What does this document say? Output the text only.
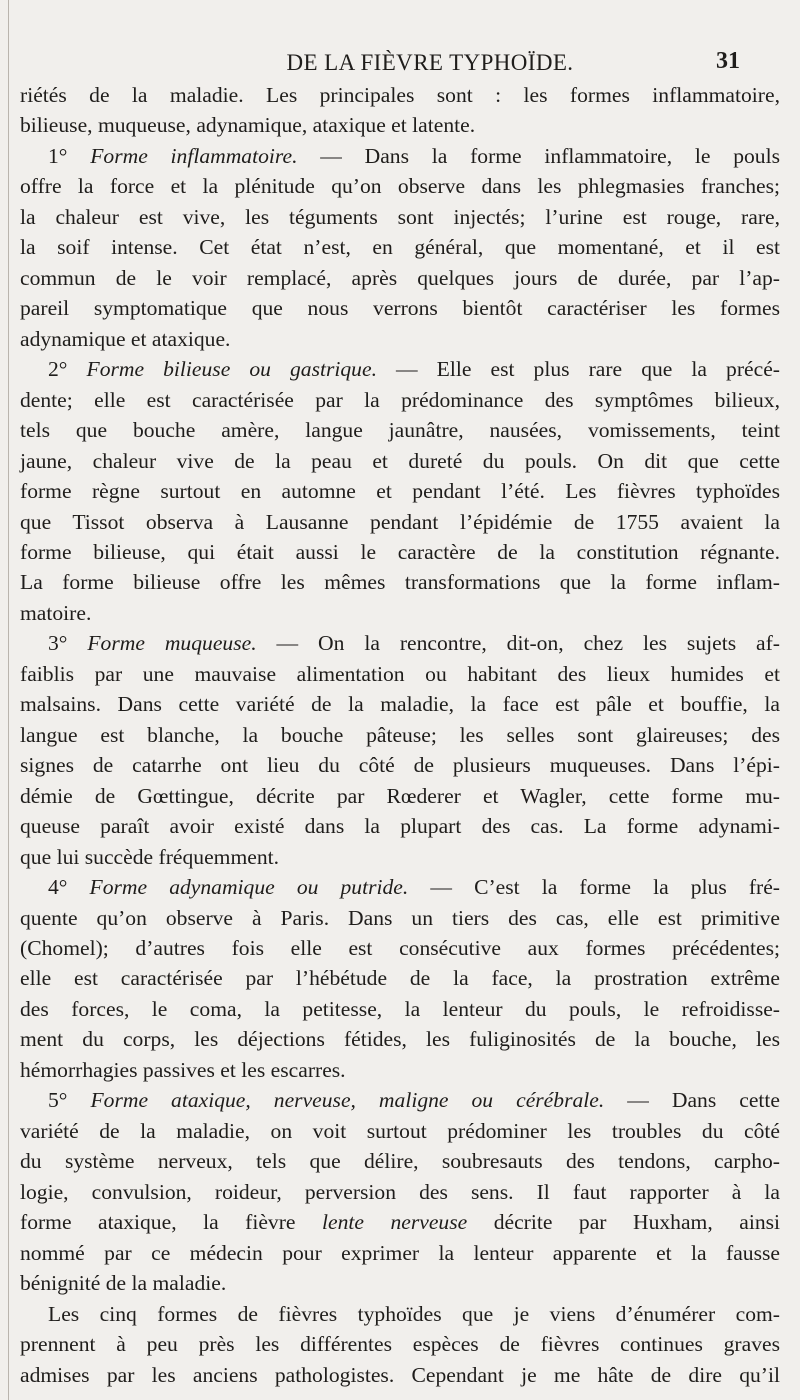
DE LA FIÈVRE TYPHOÏDE.	31
riétés de la maladie. Les principales sont : les formes inflammatoire,
bilieuse, muqueuse, adynamique, ataxique et latente.
1° Forme inflammatoire. — Dans la forme inflammatoire, le pouls
offre la force et la plénitude qu’on observe dans les phlegmasies franches;
la chaleur est vive, les téguments sont injectés; l’urine est rouge, rare,
la soif intense. Cet état n’est, en général, que momentané, et il est
commun de le voir remplacé, après quelques jours de durée, par l’ap-
pareil symptomatique que nous verrons bientôt caractériser les formes
adynamique et ataxique.
2° Forme bilieuse ou gastrique. — Elle est plus rare que la précé-
dente; elle est caractérisée par la prédominance des symptômes bilieux,
tels que bouche amère, langue jaunâtre, nausées, vomissements, teint
jaune, chaleur vive de la peau et dureté du pouls. On dit que cette
forme règne surtout en automne et pendant l’été. Les fièvres typhoïdes
que Tissot observa à Lausanne pendant l’épidémie de 1755 avaient la
forme bilieuse, qui était aussi le caractère de la constitution régnante.
La forme bilieuse offre les mêmes transformations que la forme inflam-
matoire.
3° Forme muqueuse. — On la rencontre, dit-on, chez les sujets af-
faiblis par une mauvaise alimentation ou habitant des lieux humides et
malsains. Dans cette variété de la maladie, la face est pâle et bouffie, la
langue est blanche, la bouche pâteuse; les selles sont glaireuses; des
signes de catarrhe ont lieu du côté de plusieurs muqueuses. Dans l’épi-
démie de Gœttingue, décrite par Rœderer et Wagler, cette forme mu-
queuse paraît avoir existé dans la plupart des cas. La forme adynami-
que lui succède fréquemment.
4° Forme adynamique ou putride. — C’est la forme la plus fré-
quente qu’on observe à Paris. Dans un tiers des cas, elle est primitive
(Chomel); d’autres fois elle est consécutive aux formes précédentes;
elle est caractérisée par l’hébétude de la face, la prostration extrême
des forces, le coma, la petitesse, la lenteur du pouls, le refroidisse-
ment du corps, les déjections fétides, les fuliginosités de la bouche, les
hémorrhagies passives et les escarres.
5° Forme ataxique, nerveuse, maligne ou cérébrale. — Dans cette
variété de la maladie, on voit surtout prédominer les troubles du côté
du système nerveux, tels que délire, soubresauts des tendons, carpho-
logie, convulsion, roideur, perversion des sens. Il faut rapporter à la
forme ataxique, la fièvre lente nerveuse décrite par Huxham, ainsi
nommé par ce médecin pour exprimer la lenteur apparente et la fausse
bénignité de la maladie.
Les cinq formes de fièvres typhoïdes que je viens d’énumérer com-
prennent à peu près les différentes espèces de fièvres continues graves
admises par les anciens pathologistes. Cependant je me hâte de dire qu’il
